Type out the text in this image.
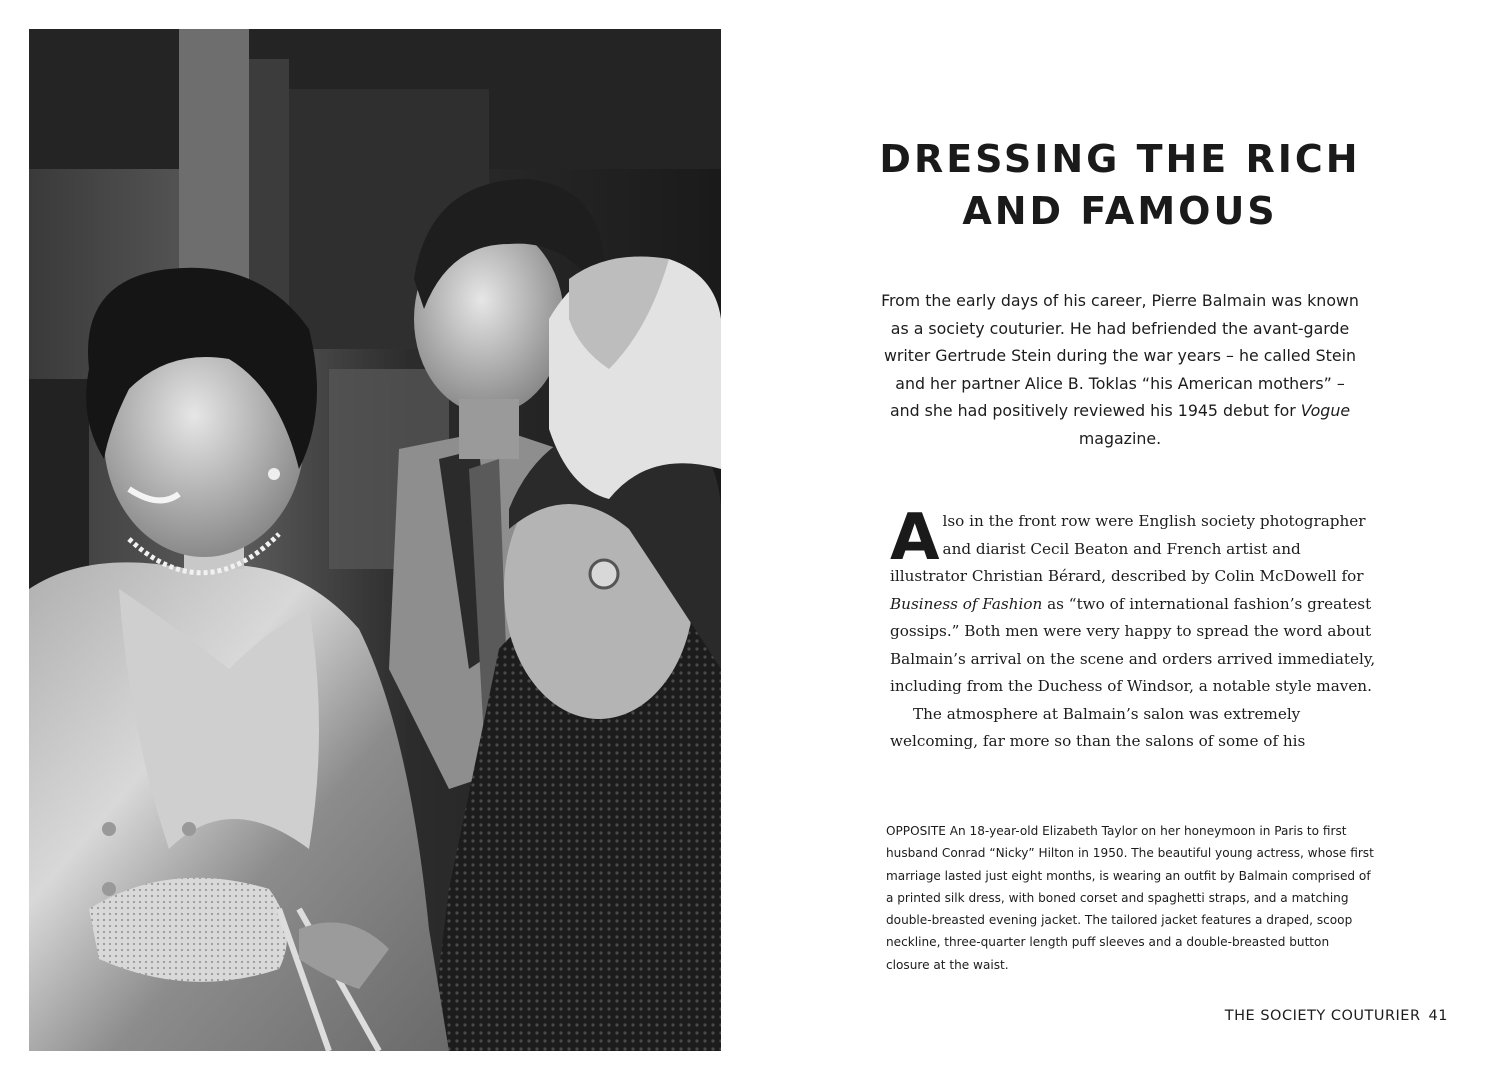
DRESSING THE RICH
AND FAMOUS

From the early days of his career, Pierre Balmain was known as a society couturier. He had befriended the avant-garde writer Gertrude Stein during the war years – he called Stein and her partner Alice B. Toklas “his American mothers” – and she had positively reviewed his 1945 debut for Vogue magazine.

Also in the front row were English society photographer and diarist Cecil Beaton and French artist and illustrator Christian Bérard, described by Colin McDowell for Business of Fashion as “two of international fashion’s greatest gossips.” Both men were very happy to spread the word about Balmain’s arrival on the scene and orders arrived immediately, including from the Duchess of Windsor, a notable style maven.

The atmosphere at Balmain’s salon was extremely welcoming, far more so than the salons of some of his

OPPOSITE An 18-year-old Elizabeth Taylor on her honeymoon in Paris to first husband Conrad “Nicky” Hilton in 1950. The beautiful young actress, whose first marriage lasted just eight months, is wearing an outfit by Balmain comprised of a printed silk dress, with boned corset and spaghetti straps, and a matching double-breasted evening jacket. The tailored jacket features a draped, scoop neckline, three-quarter length puff sleeves and a double-breasted button closure at the waist.

THE SOCIETY COUTURIER 41
